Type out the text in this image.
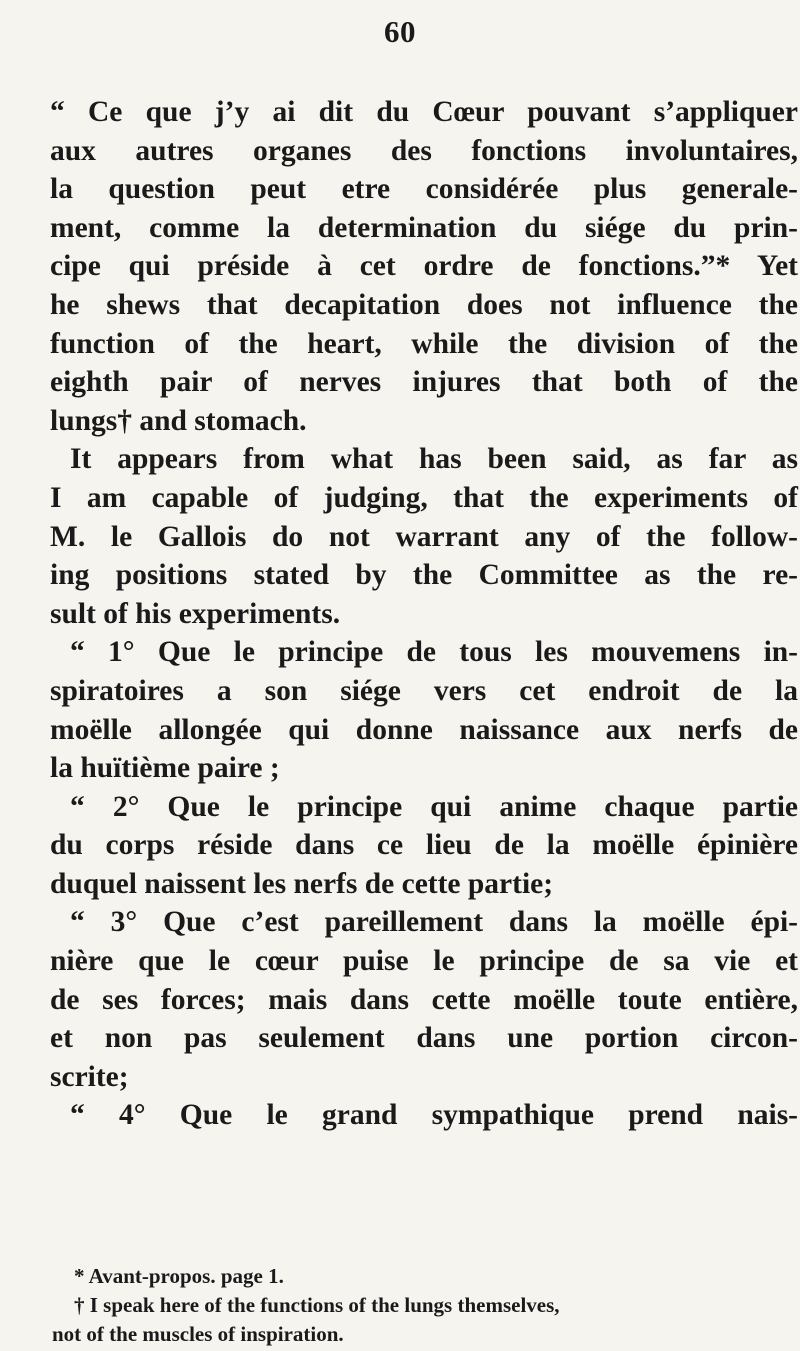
60
“ Ce que j’y ai dit du Cœur pouvant s’appliquer
aux autres organes des fonctions involuntaires,
la question peut etre considérée plus generale-
ment, comme la determination du siége du prin-
cipe qui préside à cet ordre de fonctions.”* Yet
he shews that decapitation does not influence the
function of the heart, while the division of the
eighth pair of nerves injures that both of the
lungs† and stomach.
It appears from what has been said, as far as
I am capable of judging, that the experiments of
M. le Gallois do not warrant any of the follow-
ing positions stated by the Committee as the re-
sult of his experiments.
“ 1° Que le principe de tous les mouvemens in-
spiratoires a son siége vers cet endroit de la
moëlle allongée qui donne naissance aux nerfs de
la huïtième paire ;
“ 2° Que le principe qui anime chaque partie
du corps réside dans ce lieu de la moëlle épinière
duquel naissent les nerfs de cette partie;
“ 3° Que c’est pareillement dans la moëlle épi-
nière que le cœur puise le principe de sa vie et
de ses forces; mais dans cette moëlle toute entière,
et non pas seulement dans une portion circon-
scrite;
“ 4° Que le grand sympathique prend nais-
* Avant-propos. page 1.
† I speak here of the functions of the lungs themselves,
not of the muscles of inspiration.
